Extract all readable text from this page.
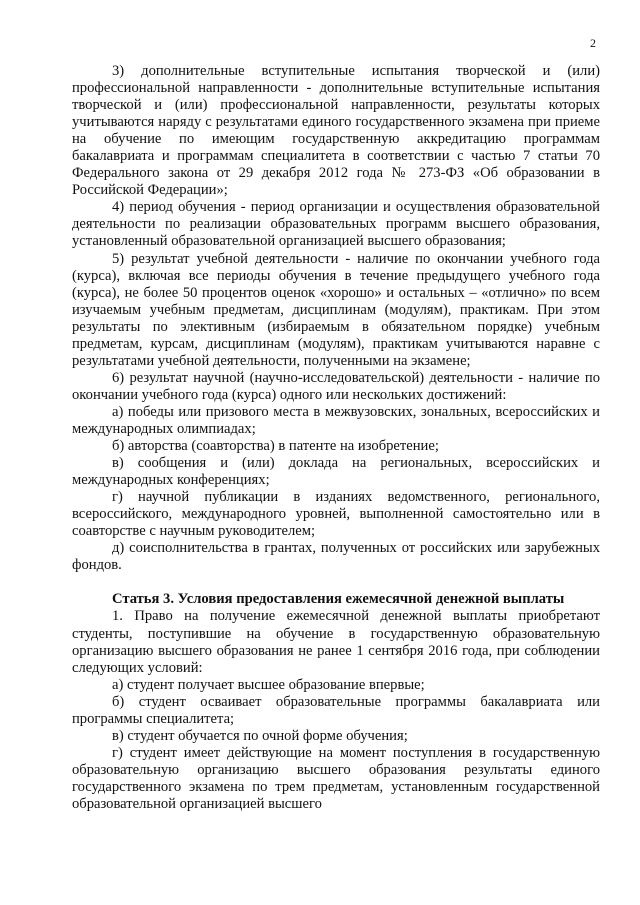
2

3) дополнительные вступительные испытания творческой и (или) профессиональной направленности - дополнительные вступительные испытания творческой и (или) профессиональной направленности, результаты которых учитываются наряду с результатами единого государственного экзамена при приеме на обучение по имеющим государственную аккредитацию программам бакалавриата и программам специалитета в соответствии с частью 7 статьи 70 Федерального закона от 29 декабря 2012 года № 273-ФЗ «Об образовании в Российской Федерации»;

4) период обучения - период организации и осуществления образовательной деятельности по реализации образовательных программ высшего образования, установленный образовательной организацией высшего образования;

5) результат учебной деятельности - наличие по окончании учебного года (курса), включая все периоды обучения в течение предыдущего учебного года (курса), не более 50 процентов оценок «хорошо» и остальных – «отлично» по всем изучаемым учебным предметам, дисциплинам (модулям), практикам. При этом результаты по элективным (избираемым в обязательном порядке) учебным предметам, курсам, дисциплинам (модулям), практикам учитываются наравне с результатами учебной деятельности, полученными на экзамене;

6) результат научной (научно-исследовательской) деятельности - наличие по окончании учебного года (курса) одного или нескольких достижений:

а) победы или призового места в межвузовских, зональных, всероссийских и международных олимпиадах;

б) авторства (соавторства) в патенте на изобретение;

в) сообщения и (или) доклада на региональных, всероссийских и международных конференциях;

г) научной публикации в изданиях ведомственного, регионального, всероссийского, международного уровней, выполненной самостоятельно или в соавторстве с научным руководителем;

д) соисполнительства в грантах, полученных от российских или зарубежных фондов.

Статья 3. Условия предоставления ежемесячной денежной выплаты

1. Право на получение ежемесячной денежной выплаты приобретают студенты, поступившие на обучение в государственную образовательную организацию высшего образования не ранее 1 сентября 2016 года, при соблюдении следующих условий:

а) студент получает высшее образование впервые;

б) студент осваивает образовательные программы бакалавриата или программы специалитета;

в) студент обучается по очной форме обучения;

г) студент имеет действующие на момент поступления в государственную образовательную организацию высшего образования результаты единого государственного экзамена по трем предметам, установленным государственной образовательной организацией высшего
